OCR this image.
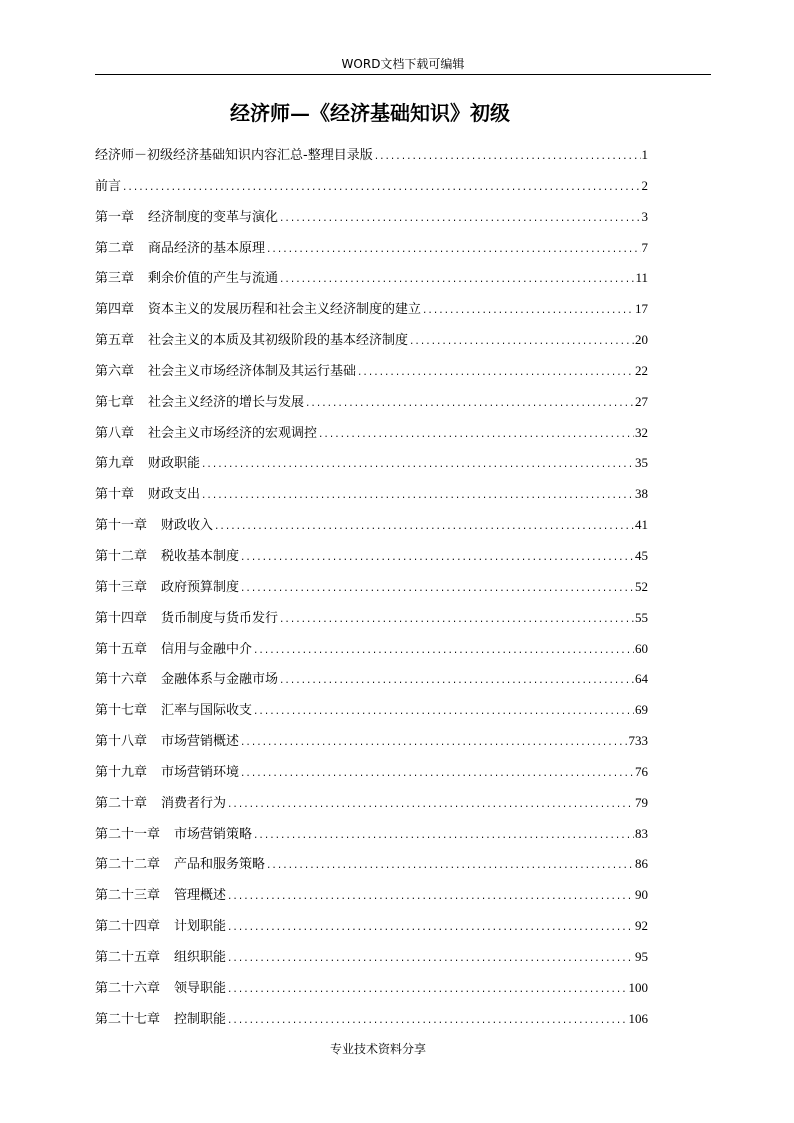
WORD文档下载可编辑
经济师—《经济基础知识》初级
经济师－初级经济基础知识内容汇总-整理目录版 .....	1
前言 .....	2
第一章 经济制度的变革与演化 .....	3
第二章 商品经济的基本原理 .....	7
第三章 剩余价值的产生与流通 .....	11
第四章 资本主义的发展历程和社会主义经济制度的建立 .....	17
第五章 社会主义的本质及其初级阶段的基本经济制度 .....	20
第六章 社会主义市场经济体制及其运行基础 .....	22
第七章 社会主义经济的增长与发展 .....	27
第八章 社会主义市场经济的宏观调控 .....	32
第九章 财政职能 .....	35
第十章 财政支出 .....	38
第十一章 财政收入 .....	41
第十二章 税收基本制度 .....	45
第十三章 政府预算制度 .....	52
第十四章 货币制度与货币发行 .....	55
第十五章 信用与金融中介 .....	60
第十六章 金融体系与金融市场 .....	64
第十七章 汇率与国际收支 .....	69
第十八章 市场营销概述 .....	733
第十九章 市场营销环境 .....	76
第二十章 消费者行为 .....	79
第二十一章 市场营销策略 .....	83
第二十二章 产品和服务策略 .....	86
第二十三章 管理概述 .....	90
第二十四章 计划职能 .....	92
第二十五章 组织职能 .....	95
第二十六章 领导职能 .....	100
第二十七章 控制职能 .....	106
专业技术资料分享
